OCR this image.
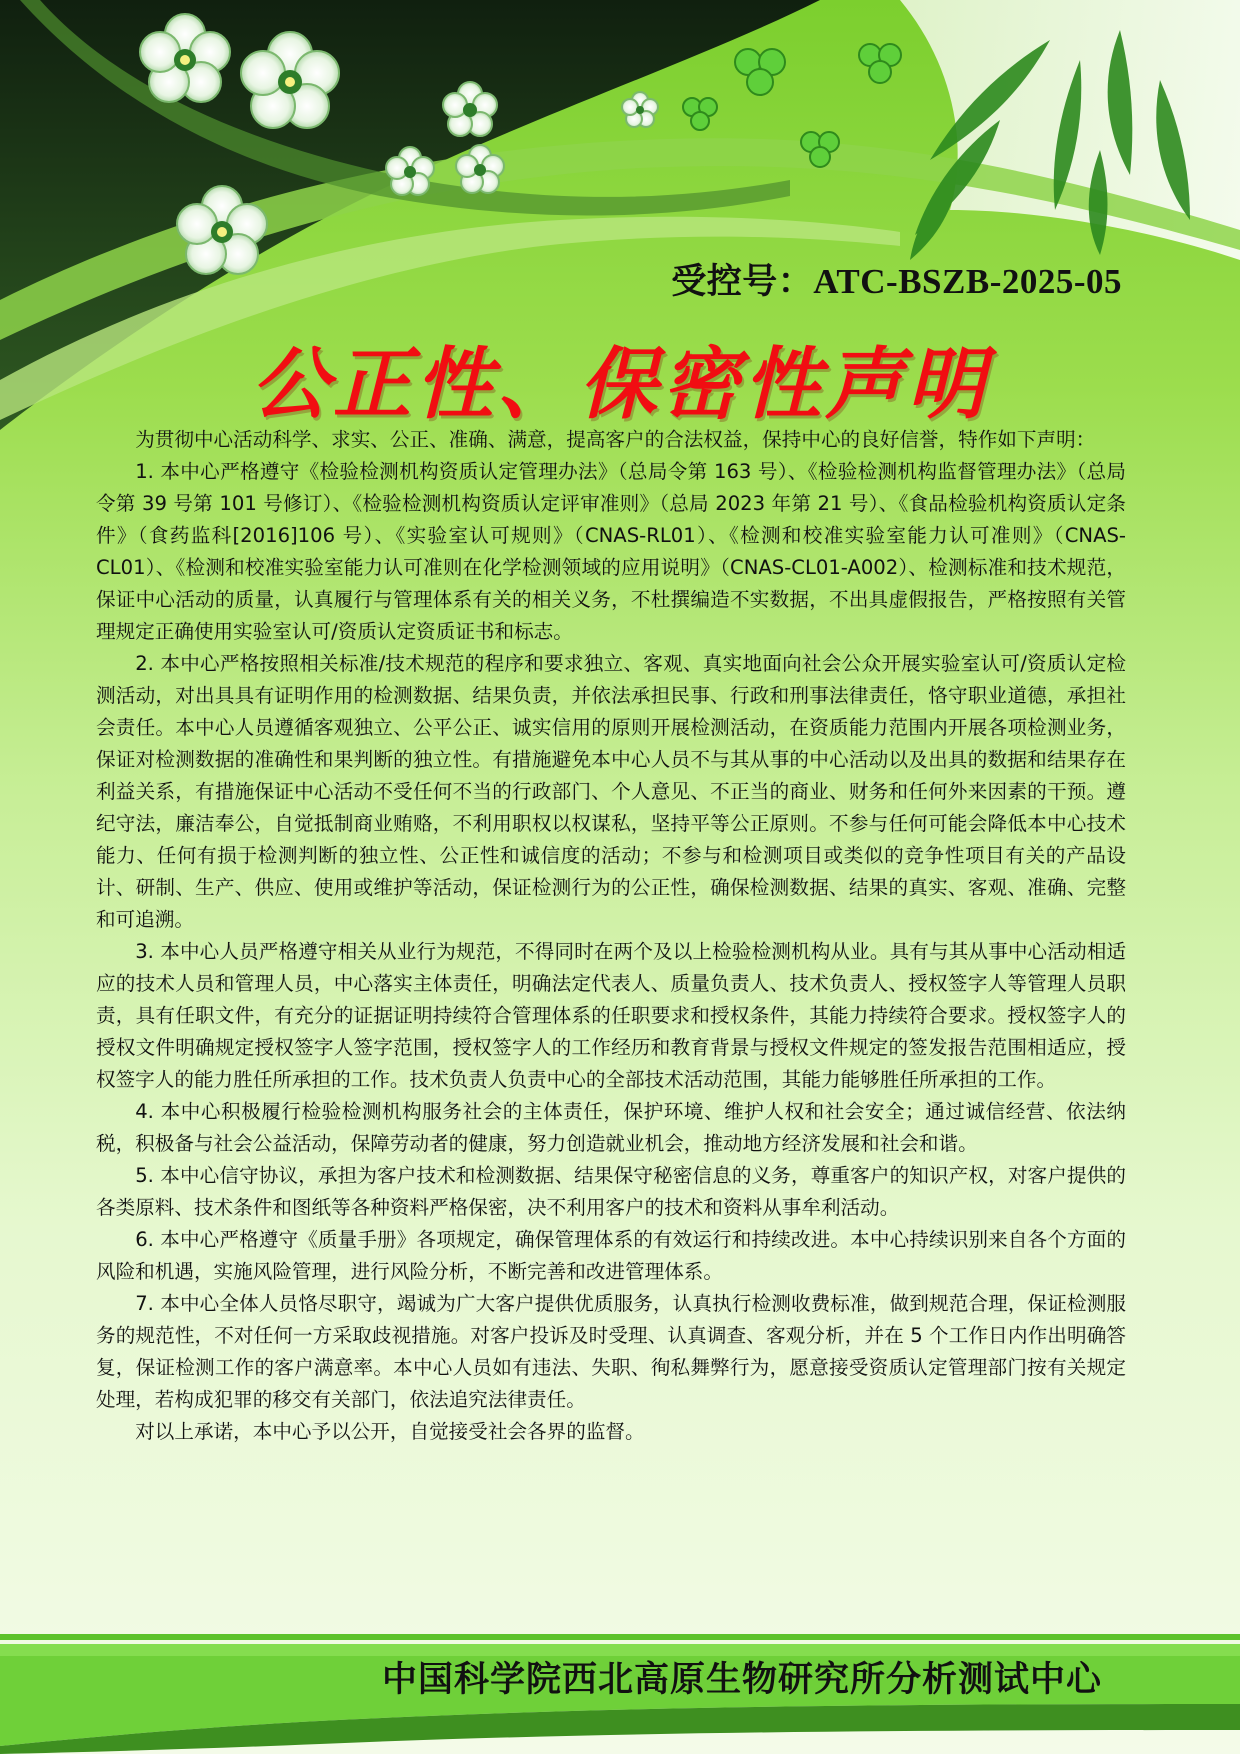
受控号：ATC-BSZB-2025-05
公正性、保密性声明

为贯彻中心活动科学、求实、公正、准确、满意，提高客户的合法权益，保持中心的良好信誉，特作如下声明：

1. 本中心严格遵守《检验检测机构资质认定管理办法》（总局令第 163 号）、《检验检测机构监督管理办法》（总局令第 39 号第 101 号修订）、《检验检测机构资质认定评审准则》（总局 2023 年第 21 号）、《食品检验机构资质认定条件》（食药监科[2016]106 号）、《实验室认可规则》（CNAS-RL01）、《检测和校准实验室能力认可准则》（CNAS-CL01）、《检测和校准实验室能力认可准则在化学检测领域的应用说明》（CNAS-CL01-A002）、检测标准和技术规范，保证中心活动的质量，认真履行与管理体系有关的相关义务，不杜撰编造不实数据，不出具虚假报告，严格按照有关管理规定正确使用实验室认可/资质认定资质证书和标志。

2. 本中心严格按照相关标准/技术规范的程序和要求独立、客观、真实地面向社会公众开展实验室认可/资质认定检测活动，对出具具有证明作用的检测数据、结果负责，并依法承担民事、行政和刑事法律责任，恪守职业道德，承担社会责任。本中心人员遵循客观独立、公平公正、诚实信用的原则开展检测活动，在资质能力范围内开展各项检测业务，保证对检测数据的准确性和果判断的独立性。有措施避免本中心人员不与其从事的中心活动以及出具的数据和结果存在利益关系，有措施保证中心活动不受任何不当的行政部门、个人意见、不正当的商业、财务和任何外来因素的干预。遵纪守法，廉洁奉公，自觉抵制商业贿赂，不利用职权以权谋私，坚持平等公正原则。不参与任何可能会降低本中心技术能力、任何有损于检测判断的独立性、公正性和诚信度的活动；不参与和检测项目或类似的竞争性项目有关的产品设计、研制、生产、供应、使用或维护等活动，保证检测行为的公正性，确保检测数据、结果的真实、客观、准确、完整和可追溯。

3. 本中心人员严格遵守相关从业行为规范，不得同时在两个及以上检验检测机构从业。具有与其从事中心活动相适应的技术人员和管理人员，中心落实主体责任，明确法定代表人、质量负责人、技术负责人、授权签字人等管理人员职责，具有任职文件，有充分的证据证明持续符合管理体系的任职要求和授权条件，其能力持续符合要求。授权签字人的授权文件明确规定授权签字人签字范围，授权签字人的工作经历和教育背景与授权文件规定的签发报告范围相适应，授权签字人的能力胜任所承担的工作。技术负责人负责中心的全部技术活动范围，其能力能够胜任所承担的工作。

4. 本中心积极履行检验检测机构服务社会的主体责任，保护环境、维护人权和社会安全；通过诚信经营、依法纳税，积极备与社会公益活动，保障劳动者的健康，努力创造就业机会，推动地方经济发展和社会和谐。

5. 本中心信守协议，承担为客户技术和检测数据、结果保守秘密信息的义务，尊重客户的知识产权，对客户提供的各类原料、技术条件和图纸等各种资料严格保密，决不利用客户的技术和资料从事牟利活动。

6. 本中心严格遵守《质量手册》各项规定，确保管理体系的有效运行和持续改进。本中心持续识别来自各个方面的风险和机遇，实施风险管理，进行风险分析，不断完善和改进管理体系。

7. 本中心全体人员恪尽职守，竭诚为广大客户提供优质服务，认真执行检测收费标准，做到规范合理，保证检测服务的规范性，不对任何一方采取歧视措施。对客户投诉及时受理、认真调查、客观分析，并在 5 个工作日内作出明确答复，保证检测工作的客户满意率。本中心人员如有违法、失职、徇私舞弊行为，愿意接受资质认定管理部门按有关规定处理，若构成犯罪的移交有关部门，依法追究法律责任。

对以上承诺，本中心予以公开，自觉接受社会各界的监督。

中国科学院西北高原生物研究所分析测试中心
